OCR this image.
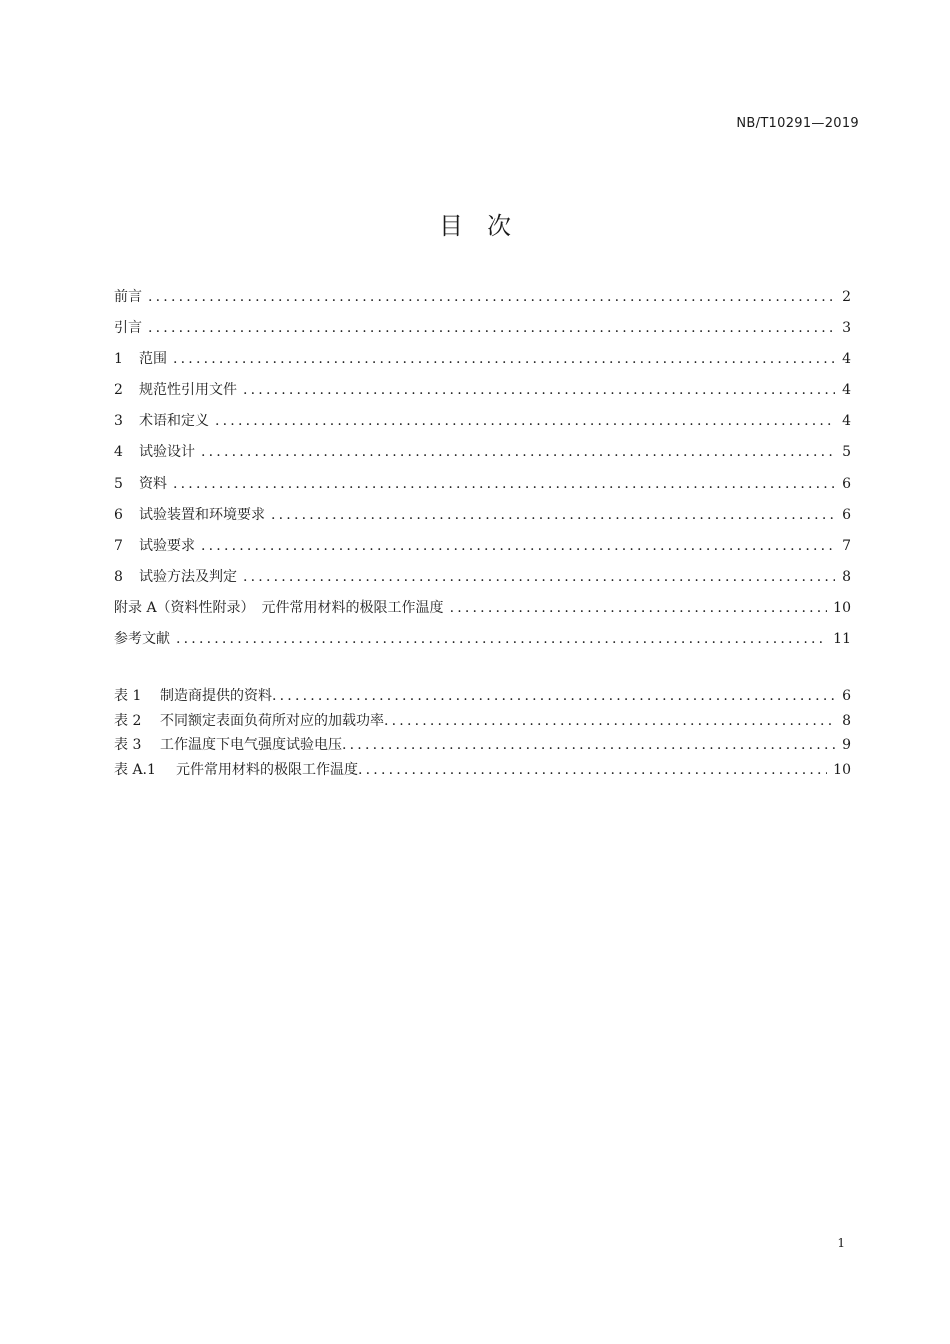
NB/T10291—2019
目 次
前言 .....	2
引言 .....	3
1	范围 .....	4
2	规范性引用文件 .....	4
3	术语和定义 .....	4
4	试验设计 .....	5
5	资料 .....	6
6	试验装置和环境要求 .....	6
7	试验要求 .....	7
8	试验方法及判定 .....	8
附录 A（资料性附录）　元件常用材料的极限工作温度 .....	10
参考文献 .....	11
表 1	制造商提供的资料 .....	6
表 2	不同额定表面负荷所对应的加载功率 .....	8
表 3	工作温度下电气强度试验电压 .....	9
表 A.1	元件常用材料的极限工作温度 .....	10
1
